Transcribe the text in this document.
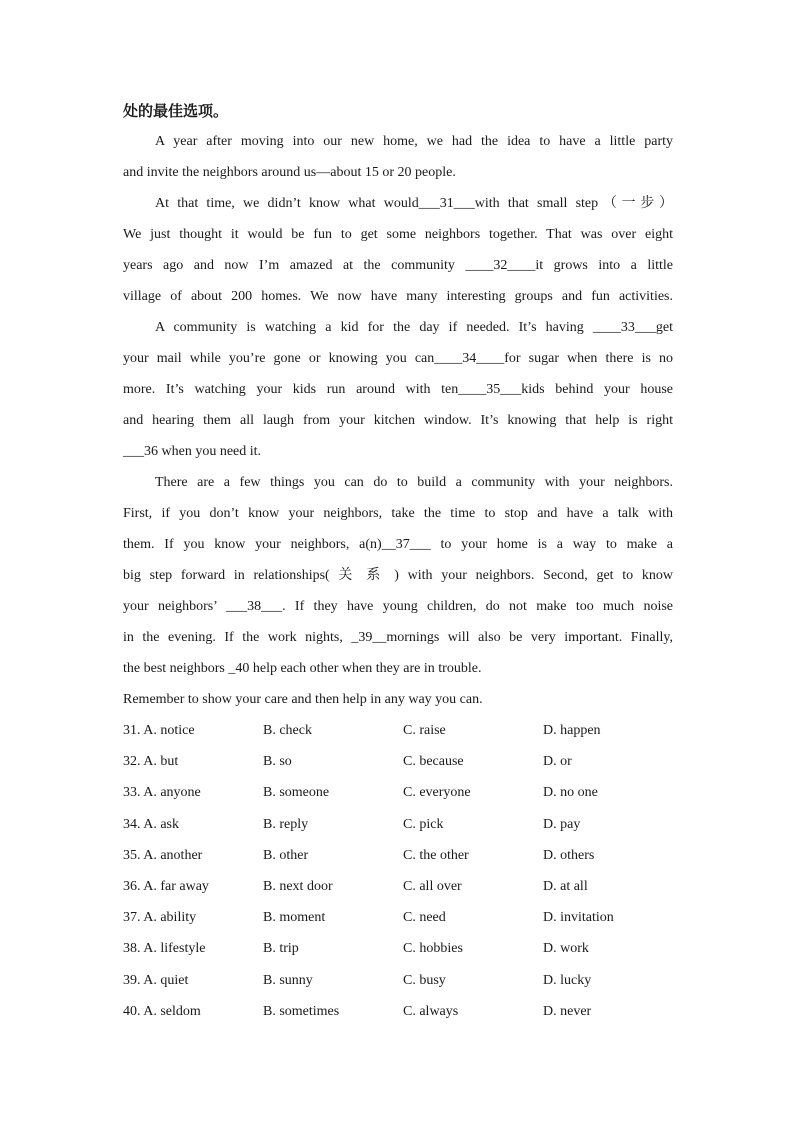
处的最佳选项。
A year after moving into our new home, we had the idea to have a little party
and invite the neighbors around us—about 15 or 20 people.
At that time, we didn’t know what would___31___with that small step（一步）
We just thought it would be fun to get some neighbors together. That was over eight
years ago and now I’m amazed at the community ____32____it grows into a little
village of about 200 homes. We now have many interesting groups and fun activities.
A community is watching a kid for the day if needed. It’s having ____33___get
your mail while you’re gone or knowing you can____34____for sugar when there is no
more. It’s watching your kids run around with ten____35___kids behind your house
and hearing them all laugh from your kitchen window. It’s knowing that help is right
___36 when you need it.
There are a few things you can do to build a community with your neighbors.
First, if you don’t know your neighbors, take the time to stop and have a talk with
them. If you know your neighbors, a(n)__37___ to your home is a way to make a
big step forward in relationships( 关 系 ) with your neighbors. Second, get to know
your neighbors’ ___38___. If they have young children, do not make too much noise
in the evening. If the work nights, _39__mornings will also be very important. Finally,
the best neighbors _40 help each other when they are in trouble.
Remember to show your care and then help in any way you can.
31. A. notice	B. check	C. raise	D. happen
32. A. but	B. so	C. because	D. or
33. A. anyone	B. someone	C. everyone	D. no one
34. A. ask	B. reply	C. pick	D. pay
35. A. another	B. other	C. the other	D. others
36. A. far away	B. next door	C. all over	D. at all
37. A. ability	B. moment	C. need	D. invitation
38. A. lifestyle	B. trip	C. hobbies	D. work
39. A. quiet	B. sunny	C. busy	D. lucky
40. A. seldom	B. sometimes	C. always	D. never
